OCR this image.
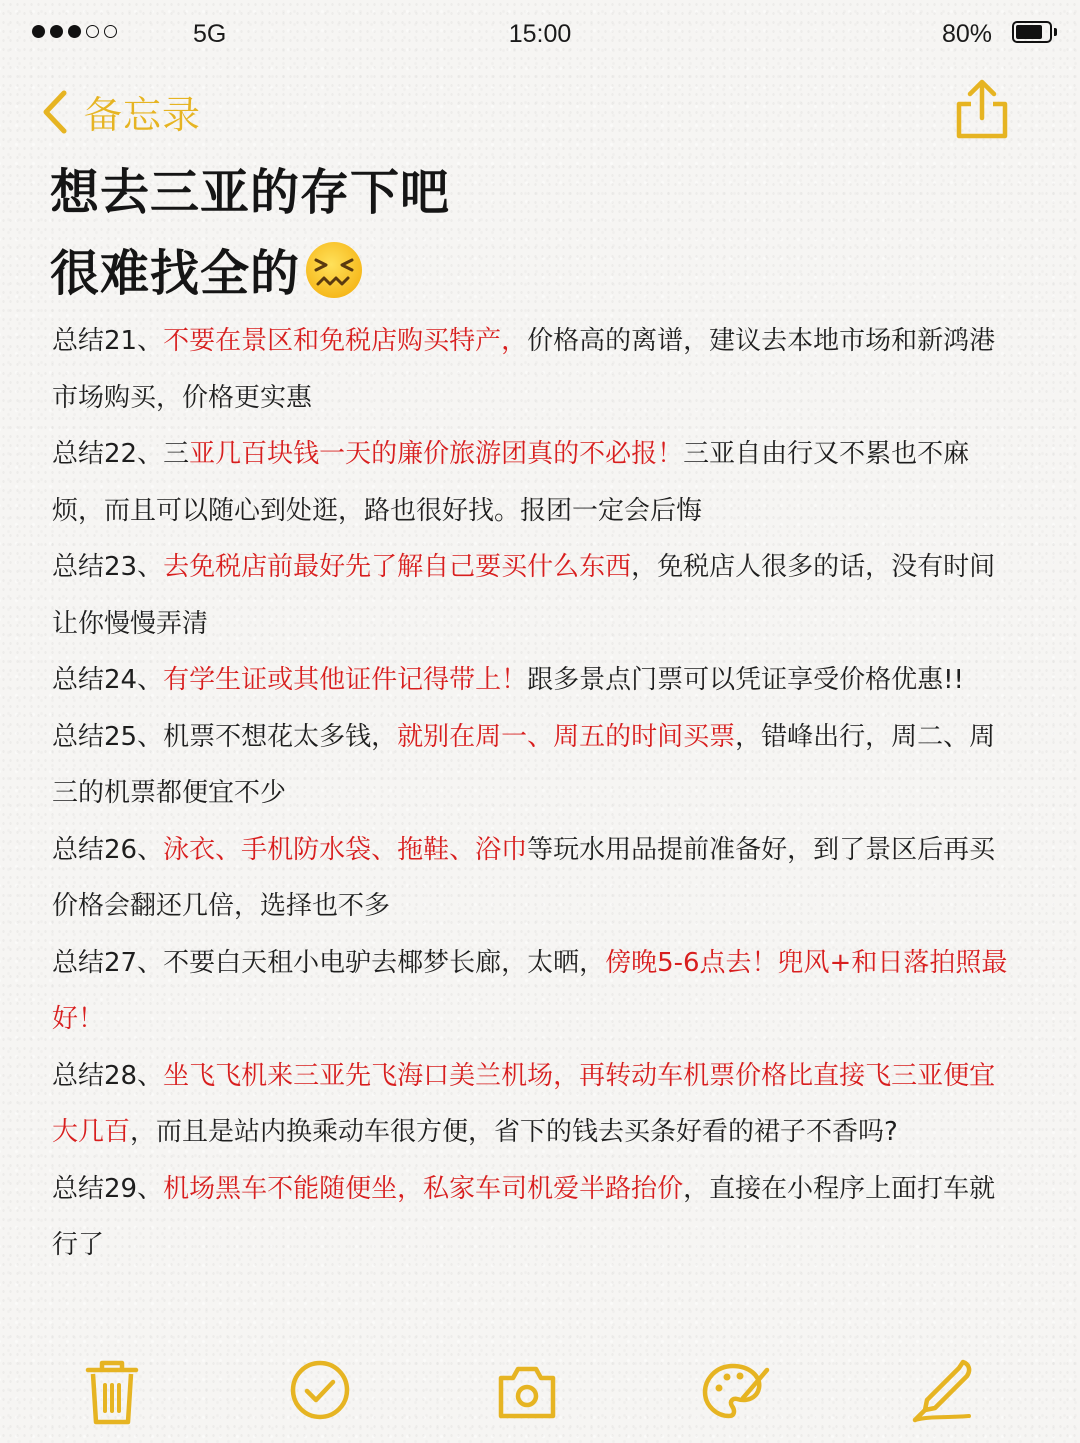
5G	15:00	80%
备忘录
想去三亚的存下吧
很难找全的

总结21、不要在景区和免税店购买特产，价格高的离谱，建议去本地市场和新鸿港市场购买，价格更实惠

总结22、三亚几百块钱一天的廉价旅游团真的不必报！三亚自由行又不累也不麻烦，而且可以随心到处逛，路也很好找。报团一定会后悔

总结23、去免税店前最好先了解自己要买什么东西，免税店人很多的话，没有时间让你慢慢弄清

总结24、有学生证或其他证件记得带上！跟多景点门票可以凭证享受价格优惠!!

总结25、机票不想花太多钱，就别在周一、周五的时间买票，错峰出行，周二、周三的机票都便宜不少

总结26、泳衣、手机防水袋、拖鞋、浴巾等玩水用品提前准备好，到了景区后再买价格会翻还几倍，选择也不多

总结27、不要白天租小电驴去椰梦长廊，太晒，傍晚5-6点去！兜风+和日落拍照最好！

总结28、坐飞飞机来三亚先飞海口美兰机场，再转动车机票价格比直接飞三亚便宜大几百，而且是站内换乘动车很方便，省下的钱去买条好看的裙子不香吗?

总结29、机场黑车不能随便坐，私家车司机爱半路抬价，直接在小程序上面打车就行了
